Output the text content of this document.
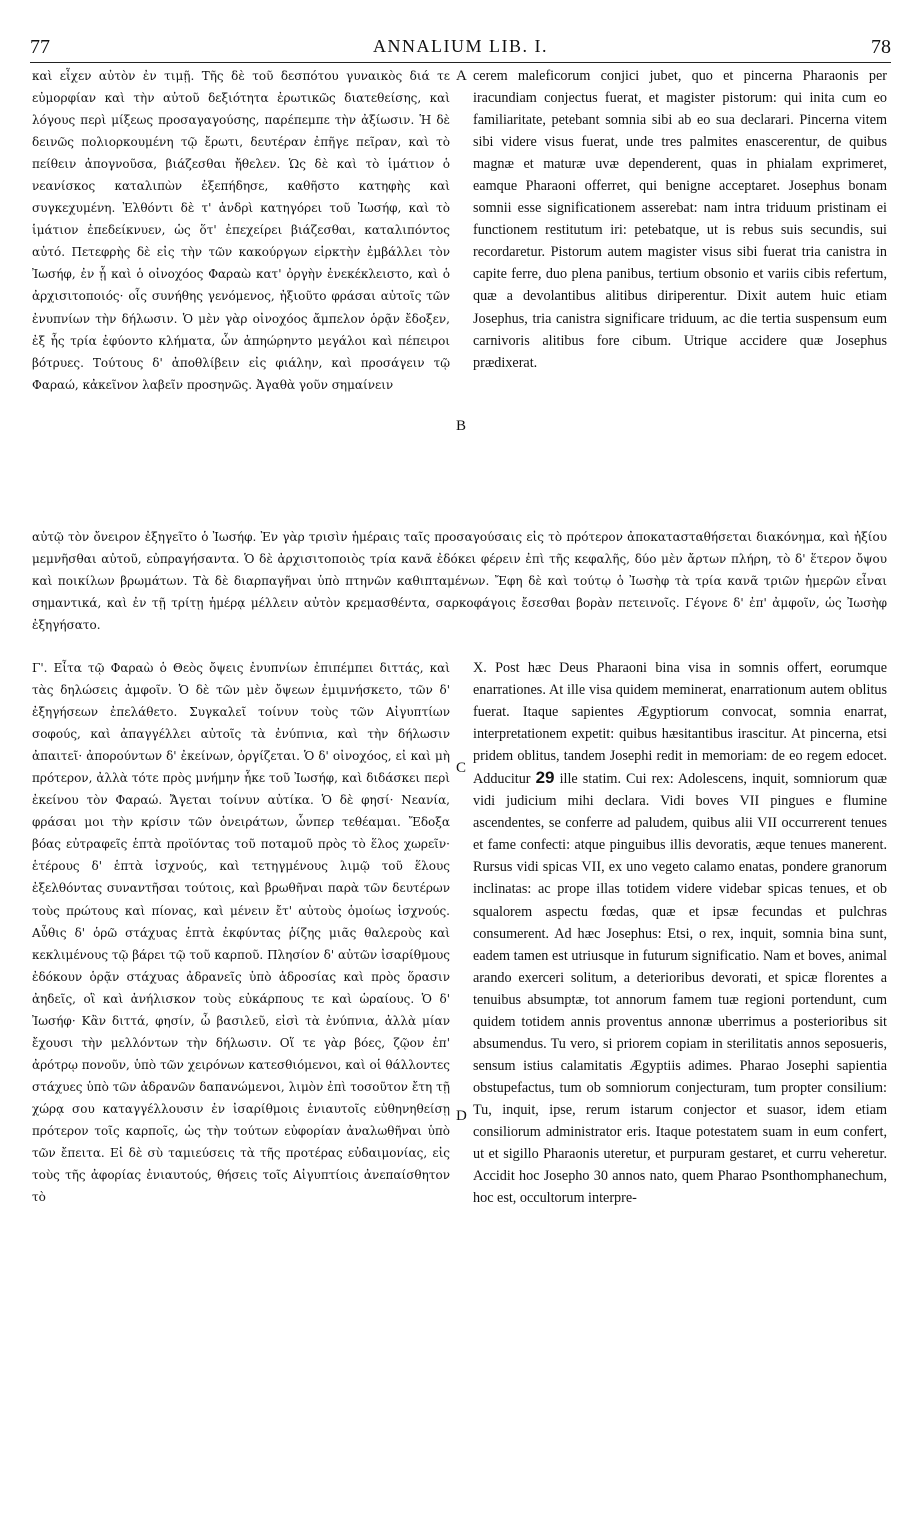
77	ANNALIUM LIB. I.	78

καὶ εἶχεν αὐτὸν ἐν τιμῇ. Τῆς δὲ τοῦ δεσπότου γυναικὸς διά τε εὐμορφίαν καὶ τὴν αὐτοῦ δεξιότητα ἐρωτικῶς διατεθείσης, καὶ λόγους περὶ μίξεως προσαγαγούσης, παρέπεμπε τὴν ἀξίωσιν. Ἡ δὲ δεινῶς πολιορκουμένη τῷ ἔρωτι, δευτέραν ἐπῆγε πεῖραν, καὶ τὸ πείθειν ἀπογνοῦσα, βιάζεσθαι ἤθελεν. Ὡς δὲ καὶ τὸ ἱμάτιον ὁ νεανίσκος καταλιπὼν ἐξεπήδησε, καθῆστο κατηφὴς καὶ συγκεχυμένη. Ἐλθόντι δὲ τ' ἀνδρὶ κατηγόρει τοῦ Ἰωσήφ, καὶ τὸ ἱμάτιον ἐπεδείκνυεν, ὡς ὅτ' ἐπεχείρει βιάζεσθαι, καταλιπόντος αὐτό. Πετεφρὴς δὲ εἰς τὴν τῶν κακούργων εἱρκτὴν ἐμβάλλει τὸν Ἰωσήφ, ἐν ᾗ καὶ ὁ οἰνοχόος Φαραὼ κατ' ὀργὴν ἐνεκέκλειστο, καὶ ὁ ἀρχισιτοποιός· οἷς συνήθης γενόμενος, ἠξιοῦτο φράσαι αὐτοῖς τῶν ἐνυπνίων τὴν δήλωσιν. Ὁ μὲν γὰρ οἰνοχόος ἄμπελον ὁρᾷν ἔδοξεν, ἐξ ἧς τρία ἐφύοντο κλήματα, ὧν ἀπηώρηντο μεγάλοι καὶ πέπειροι βότρυες. Τούτους δ' ἀποθλίβειν εἰς φιάλην, καὶ προσάγειν τῷ Φαραώ, κἀκεῖνον λαβεῖν προσηνῶς. Ἀγαθὰ γοῦν σημαίνειν

cerem maleficorum conjici jubet, quo et pincerna Pharaonis per iracundiam conjectus fuerat, et magister pistorum: qui inita cum eo familiaritate, petebant somnia sibi ab eo sua declarari. Pincerna vitem sibi videre visus fuerat, unde tres palmites enascerentur, de quibus magnæ et maturæ uvæ dependerent, quas in phialam exprimeret, eamque Pharaoni offerret, qui benigne acceptaret. Josephus bonam somnii esse significationem asserebat: nam intra triduum pristinam ei functionem restitutum iri: petebatque, ut is rebus suis secundis, sui recordaretur. Pistorum autem magister visus sibi fuerat tria canistra in capite ferre, duo plena panibus, tertium obsonio et variis cibis refertum, quæ a devolantibus alitibus diriperentur. Dixit autem huic etiam Josephus, tria canistra significare triduum, ac die tertia suspensum eum carnivoris alitibus fore cibum. Utrique accidere quæ Josephus prædixerat.

A
B

αὐτῷ τὸν ὄνειρον ἐξηγεῖτο ὁ Ἰωσήφ. Ἐν γὰρ τρισὶν ἡμέραις ταῖς προσαγούσαις εἰς τὸ πρότερον ἀποκατασταθήσεται διακόνημα, καὶ ἠξίου μεμνῆσθαι αὐτοῦ, εὐπραγήσαντα. Ὁ δὲ ἀρχισιτοποιὸς τρία κανᾶ ἐδόκει φέρειν ἐπὶ τῆς κεφαλῆς, δύο μὲν ἄρτων πλήρη, τὸ δ' ἕτερον ὄψου καὶ ποικίλων βρωμάτων. Τὰ δὲ διαρπαγῆναι ὑπὸ πτηνῶν καθιπταμένων. Ἔφη δὲ καὶ τούτῳ ὁ Ἰωσὴφ τὰ τρία κανᾶ τριῶν ἡμερῶν εἶναι σημαντικά, καὶ ἐν τῇ τρίτῃ ἡμέρᾳ μέλλειν αὐτὸν κρεμασθέντα, σαρκοφάγοις ἔσεσθαι βορὰν πετεινοῖς. Γέγονε δ' ἐπ' ἀμφοῖν, ὡς Ἰωσὴφ ἐξηγήσατο.

Γ'. Εἶτα τῷ Φαραὼ ὁ Θεὸς ὄψεις ἐνυπνίων ἐπιπέμπει διττάς, καὶ τὰς δηλώσεις ἀμφοῖν. Ὁ δὲ τῶν μὲν ὄψεων ἐμιμνήσκετο, τῶν δ' ἐξηγήσεων ἐπελάθετο. Συγκαλεῖ τοίνυν τοὺς τῶν Αἰγυπτίων σοφούς, καὶ ἀπαγγέλλει αὐτοῖς τὰ ἐνύπνια, καὶ τὴν δήλωσιν ἀπαιτεῖ· ἀπορούντων δ' ἐκείνων, ὀργίζεται. Ὁ δ' οἰνοχόος, εἰ καὶ μὴ πρότερον, ἀλλὰ τότε πρὸς μνήμην ἧκε τοῦ Ἰωσήφ, καὶ διδάσκει περὶ ἐκείνου τὸν Φαραώ. Ἄγεται τοίνυν αὐτίκα. Ὁ δὲ φησί· Νεανία, φράσαι μοι τὴν κρίσιν τῶν ὀνειράτων, ὧνπερ τεθέαμαι. Ἔδοξα βόας εὐτραφεῖς ἑπτὰ προϊόντας τοῦ ποταμοῦ πρὸς τὸ ἕλος χωρεῖν· ἑτέρους δ' ἑπτὰ ἰσχνούς, καὶ τετηγμένους λιμῷ τοῦ ἕλους ἐξελθόντας συναντῆσαι τούτοις, καὶ βρωθῆναι παρὰ τῶν δευτέρων τοὺς πρώτους καὶ πίονας, καὶ μένειν ἔτ' αὐτοὺς ὁμοίως ἰσχνούς. Αὖθις δ' ὁρῶ στάχυας ἑπτὰ ἐκφύντας ῥίζης μιᾶς θαλεροὺς καὶ κεκλιμένους τῷ βάρει τῷ τοῦ καρποῦ. Πλησίον δ' αὐτῶν ἰσαρίθμους ἐδόκουν ὁρᾷν στάχυας ἀδρανεῖς ὑπὸ ἀδροσίας καὶ πρὸς ὅρασιν ἀηδεῖς, οἳ καὶ ἀνήλισκον τοὺς εὐκάρπους τε καὶ ὡραίους. Ὁ δ' Ἰωσήφ· Κἂν διττά, φησίν, ὦ βασιλεῦ, εἰσὶ τὰ ἐνύπνια, ἀλλὰ μίαν ἔχουσι τὴν μελλόντων τὴν δήλωσιν. Οἵ τε γὰρ βόες, ζῷον ἐπ' ἀρότρῳ πονοῦν, ὑπὸ τῶν χειρόνων κατεσθιόμενοι, καὶ οἱ θάλλοντες στάχυες ὑπὸ τῶν ἀδρανῶν δαπανώμενοι, λιμὸν ἐπὶ τοσοῦτον ἔτη τῇ χώρᾳ σου καταγγέλλουσιν ἐν ἰσαρίθμοις ἐνιαυτοῖς εὐθηνηθείσῃ πρότερον τοῖς καρποῖς, ὡς τὴν τούτων εὐφορίαν ἀναλωθῆναι ὑπὸ τῶν ἔπειτα. Εἰ δὲ σὺ ταμιεύσεις τὰ τῆς προτέρας εὐδαιμονίας, εἰς τοὺς τῆς ἀφορίας ἐνιαυτούς, θήσεις τοῖς Αἰγυπτίοις ἀνεπαίσθητον τὸ

X. Post hæc Deus Pharaoni bina visa in somnis offert, eorumque enarrationes. At ille visa quidem meminerat, enarrationum autem oblitus fuerat. Itaque sapientes Ægyptiorum convocat, somnia enarrat, interpretationem expetit: quibus hæsitantibus irascitur. At pincerna, etsi pridem oblitus, tandem Josephi redit in memoriam: de eo regem edocet. Adducitur 29 ille statim. Cui rex: Adolescens, inquit, somniorum quæ vidi judicium mihi declara. Vidi boves VII pingues e flumine ascendentes, se conferre ad paludem, quibus alii VII occurrerent tenues et fame confecti: atque pinguibus illis devoratis, æque tenues manerent. Rursus vidi spicas VII, ex uno vegeto calamo enatas, pondere granorum inclinatas: ac prope illas totidem videre videbar spicas tenues, et ob squalorem aspectu fœdas, quæ et ipsæ fecundas et pulchras consumerent. Ad hæc Josephus: Etsi, o rex, inquit, somnia bina sunt, eadem tamen est utriusque in futurum significatio. Nam et boves, animal arando exerceri solitum, a deterioribus devorati, et spicæ florentes a tenuibus absumptæ, tot annorum famem tuæ regioni portendunt, cum quidem totidem annis proventus annonæ uberrimus a posterioribus sit absumendus. Tu vero, si priorem copiam in sterilitatis annos seposueris, sensum istius calamitatis Ægyptiis adimes. Pharao Josephi sapientia obstupefactus, tum ob somniorum conjecturam, tum propter consilium: Tu, inquit, ipse, rerum istarum conjector et suasor, idem etiam consiliorum administrator eris. Itaque potestatem suam in eum confert, ut et sigillo Pharaonis uteretur, et purpuram gestaret, et curru veheretur. Accidit hoc Josepho 30 annos nato, quem Pharao Psonthomphanechum, hoc est, occultorum interpre-
C
D
